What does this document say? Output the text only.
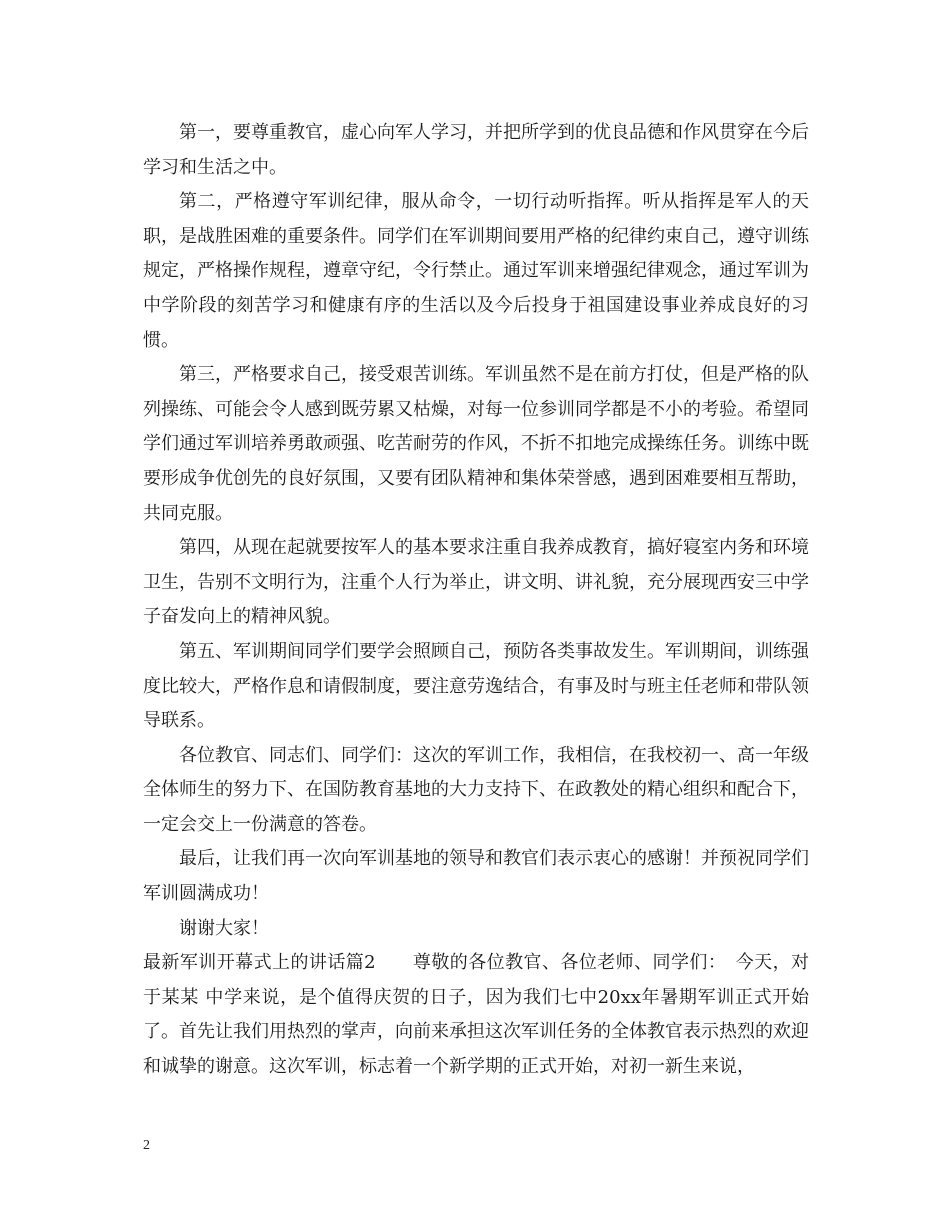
第一，要尊重教官，虚心向军人学习，并把所学到的优良品德和作风贯穿在今后学习和生活之中。

第二，严格遵守军训纪律，服从命令，一切行动听指挥。听从指挥是军人的天职，是战胜困难的重要条件。同学们在军训期间要用严格的纪律约束自己，遵守训练规定，严格操作规程，遵章守纪，令行禁止。通过军训来增强纪律观念，通过军训为中学阶段的刻苦学习和健康有序的生活以及今后投身于祖国建设事业养成良好的习惯。

第三，严格要求自己，接受艰苦训练。军训虽然不是在前方打仗，但是严格的队列操练、可能会令人感到既劳累又枯燥，对每一位参训同学都是不小的考验。希望同学们通过军训培养勇敢顽强、吃苦耐劳的作风，不折不扣地完成操练任务。训练中既要形成争优创先的良好氛围，又要有团队精神和集体荣誉感，遇到困难要相互帮助，共同克服。

第四，从现在起就要按军人的基本要求注重自我养成教育，搞好寝室内务和环境卫生，告别不文明行为，注重个人行为举止，讲文明、讲礼貌，充分展现西安三中学子奋发向上的精神风貌。

第五、军训期间同学们要学会照顾自己，预防各类事故发生。军训期间，训练强度比较大，严格作息和请假制度，要注意劳逸结合，有事及时与班主任老师和带队领导联系。

各位教官、同志们、同学们：这次的军训工作，我相信，在我校初一、高一年级全体师生的努力下、在国防教育基地的大力支持下、在政教处的精心组织和配合下， 一定会交上一份满意的答卷。

最后，让我们再一次向军训基地的领导和教官们表示衷心的感谢！并预祝同学们军训圆满成功！

谢谢大家！

最新军训开幕式上的讲话篇2　　尊敬的各位教官、各位老师、同学们：　今天，对于某某 中学来说，是个值得庆贺的日子，因为我们七中20xx年暑期军训正式开始了。首先让我们用热烈的掌声，向前来承担这次军训任务的全体教官表示热烈的欢迎和诚挚的谢意。这次军训，标志着一个新学期的正式开始，对初一新生来说，

2
